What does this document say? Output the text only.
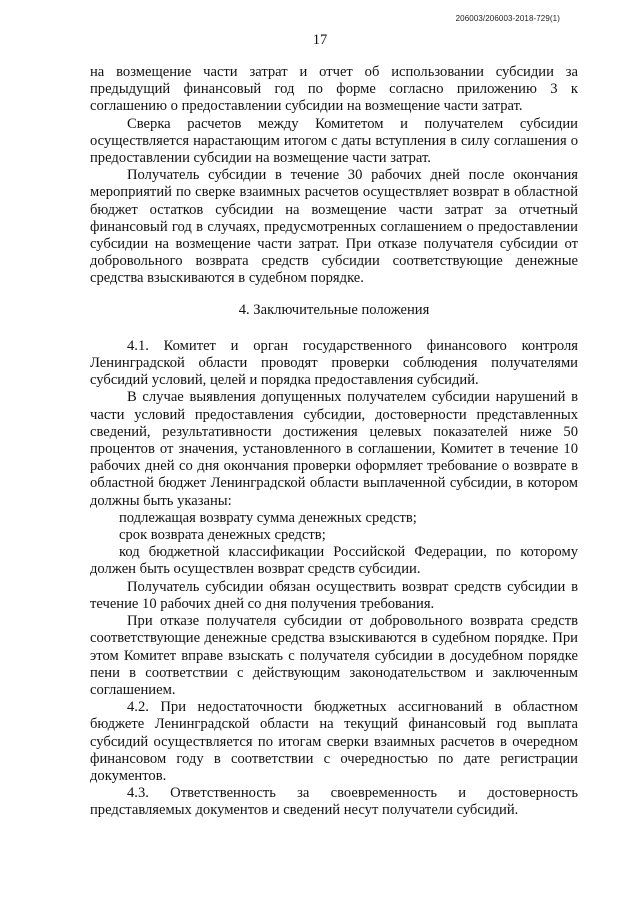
206003/206003-2018-729(1)
17

на возмещение части затрат и отчет об использовании субсидии за предыдущий финансовый год по форме согласно приложению 3 к соглашению о предоставлении субсидии на возмещение части затрат.

Сверка расчетов между Комитетом и получателем субсидии осуществляется нарастающим итогом с даты вступления в силу соглашения о предоставлении субсидии на возмещение части затрат.

Получатель субсидии в течение 30 рабочих дней после окончания мероприятий по сверке взаимных расчетов осуществляет возврат в областной бюджет остатков субсидии на возмещение части затрат за отчетный финансовый год в случаях, предусмотренных соглашением о предоставлении субсидии на возмещение части затрат. При отказе получателя субсидии от добровольного возврата средств субсидии соответствующие денежные средства взыскиваются в судебном порядке.

4. Заключительные положения

4.1. Комитет и орган государственного финансового контроля Ленинградской области проводят проверки соблюдения получателями субсидий условий, целей и порядка предоставления субсидий.

В случае выявления допущенных получателем субсидии нарушений в части условий предоставления субсидии, достоверности представленных сведений, результативности достижения целевых показателей ниже 50 процентов от значения, установленного в соглашении, Комитет в течение 10 рабочих дней со дня окончания проверки оформляет требование о возврате в областной бюджет Ленинградской области выплаченной субсидии, в котором должны быть указаны:

подлежащая возврату сумма денежных средств;

срок возврата денежных средств;

код бюджетной классификации Российской Федерации, по которому должен быть осуществлен возврат средств субсидии.

Получатель субсидии обязан осуществить возврат средств субсидии в течение 10 рабочих дней со дня получения требования.

При отказе получателя субсидии от добровольного возврата средств соответствующие денежные средства взыскиваются в судебном порядке. При этом Комитет вправе взыскать с получателя субсидии в досудебном порядке пени в соответствии с действующим законодательством и заключенным соглашением.

4.2. При недостаточности бюджетных ассигнований в областном бюджете Ленинградской области на текущий финансовый год выплата субсидий осуществляется по итогам сверки взаимных расчетов в очередном финансовом году в соответствии с очередностью по дате регистрации документов.

4.3. Ответственность за своевременность и достоверность представляемых документов и сведений несут получатели субсидий.
